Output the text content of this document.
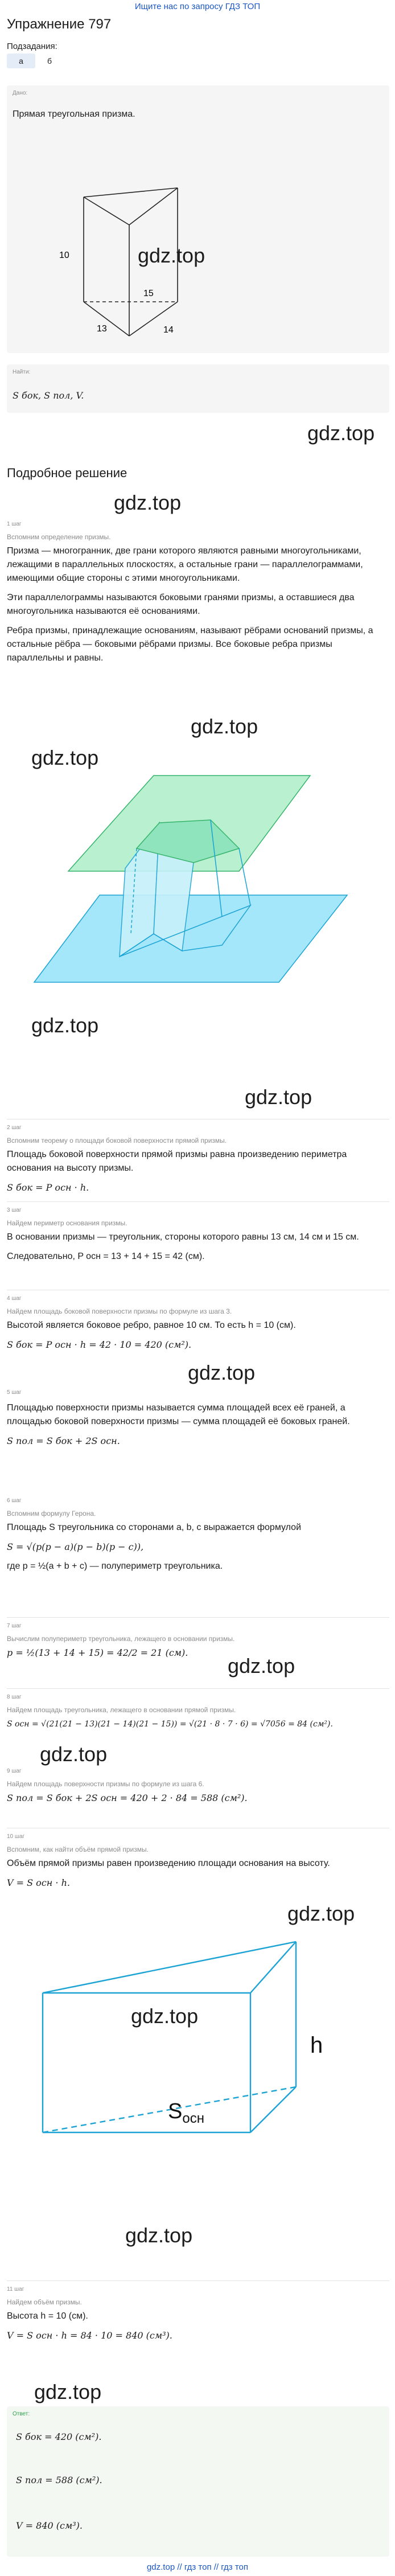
Ищите нас по запросу ГДЗ ТОП
Упражнение 797
Подзадания:
а	б
Дано:
Прямая треугольная призма.
10
13	14
15
gdz.top
Найти:
S бок, S пол, V.
gdz.top
Подробное решение
gdz.top
1 шаг
Вспомним определение призмы.

Призма — многогранник, две грани которого являются равными многоугольниками, лежащими в параллельных плоскостях, а остальные грани — параллелограммами, имеющими общие стороны с этими многоугольниками.

Эти параллелограммы называются боковыми гранями призмы, а оставшиеся два многоугольника называются её основаниями.

Ребра призмы, принадлежащие основаниям, называют рёбрами оснований призмы, а остальные рёбра — боковыми рёбрами призмы. Все боковые ребра призмы параллельны и равны.

gdz.top
gdz.top
gdz.top
gdz.top
2 шаг
Вспомним теорему о площади боковой поверхности прямой призмы.

Площадь боковой поверхности прямой призмы равна произведению периметра основания на высоту призмы.

S бок = P осн · h.

3 шаг
Найдем периметр основания призмы.

В основании призмы — треугольник, стороны которого равны 13 см, 14 см и 15 см.

Следовательно, P осн = 13 + 14 + 15 = 42 (см).

4 шаг
Найдем площадь боковой поверхности призмы по формуле из шага 3.

Высотой является боковое ребро, равное 10 см. То есть h = 10 (см).

S бок = P осн · h = 42 · 10 = 420 (см²).

gdz.top
5 шаг

Площадью поверхности призмы называется сумма площадей всех её граней, а площадью боковой поверхности призмы — сумма площадей её боковых граней.

S пол = S бок + 2S осн.

6 шаг
Вспомним формулу Герона.

Площадь S треугольника со сторонами a, b, c выражается формулой

S = √(p(p − a)(p − b)(p − c)),

где p = ½(a + b + c) — полупериметр треугольника.

7 шаг
Вычислим полупериметр треугольника, лежащего в основании призмы.

p = ½(13 + 14 + 15) = 42/2 = 21 (см).

gdz.top
8 шаг
Найдем площадь треугольника, лежащего в основании прямой призмы.

S осн = √(21(21 − 13)(21 − 14)(21 − 15)) = √(21 · 8 · 7 · 6) = √7056 = 84 (см²).

gdz.top
9 шаг
Найдем площадь поверхности призмы по формуле из шага 6.

S пол = S бок + 2S осн = 420 + 2 · 84 = 588 (см²).

10 шаг
Вспомним, как найти объём прямой призмы.

Объём прямой призмы равен произведению площади основания на высоту.

V = S осн · h.

gdz.top
h
$S_{осн}$
gdz.top
gdz.top
11 шаг
Найдем объём призмы.

Высота h = 10 (см).

V = S осн · h = 84 · 10 = 840 (см³).

gdz.top
Ответ:
S бок = 420 (см²).
S пол = 588 (см²).
V = 840 (см³).
gdz.top // гдз топ // гдз топ
